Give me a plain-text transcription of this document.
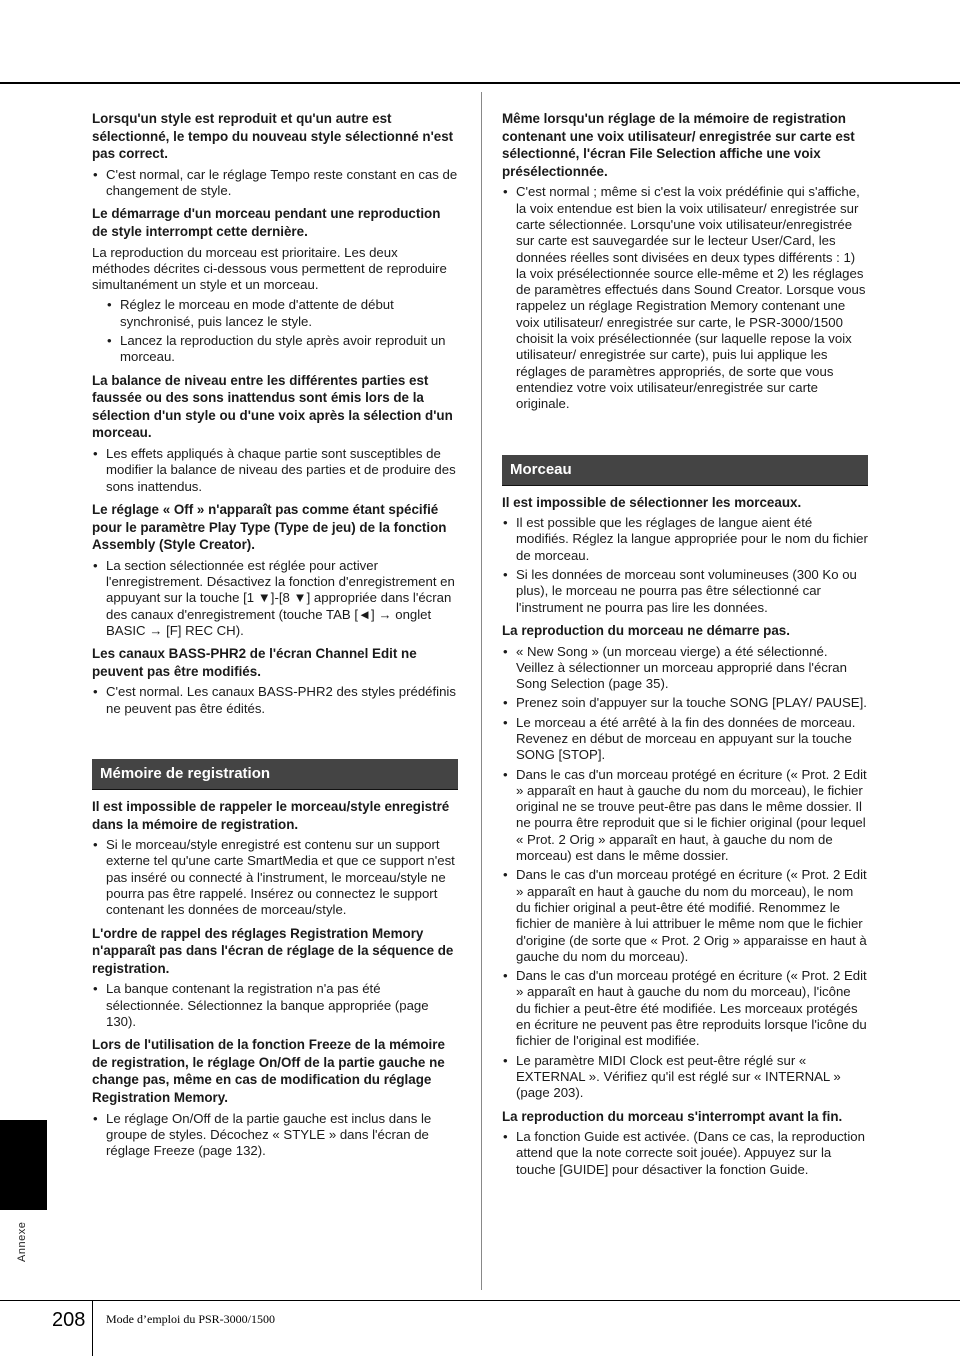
Lorsqu'un style est reproduit et qu'un autre est sélectionné, le tempo du nouveau style sélectionné n'est pas correct.

• C'est normal, car le réglage Tempo reste constant en cas de changement de style.

Le démarrage d'un morceau pendant une reproduction de style interrompt cette dernière.

La reproduction du morceau est prioritaire. Les deux méthodes décrites ci-dessous vous permettent de reproduire simultanément un style et un morceau.

• Réglez le morceau en mode d'attente de début synchronisé, puis lancez le style.
• Lancez la reproduction du style après avoir reproduit un morceau.

La balance de niveau entre les différentes parties est faussée ou des sons inattendus sont émis lors de la sélection d'un style ou d'une voix après la sélection d'un morceau.

• Les effets appliqués à chaque partie sont susceptibles de modifier la balance de niveau des parties et de produire des sons inattendus.

Le réglage « Off » n'apparaît pas comme étant spécifié pour le paramètre Play Type (Type de jeu) de la fonction Assembly (Style Creator).

• La section sélectionnée est réglée pour activer l'enregistrement. Désactivez la fonction d'enregistrement en appuyant sur la touche [1 ▼]-[8 ▼] appropriée dans l'écran des canaux d'enregistrement (touche TAB [◄] → onglet BASIC → [F] REC CH).

Les canaux BASS-PHR2 de l'écran Channel Edit ne peuvent pas être modifiés.

• C'est normal. Les canaux BASS-PHR2 des styles prédéfinis ne peuvent pas être édités.
Mémoire de registration

Il est impossible de rappeler le morceau/style enregistré dans la mémoire de registration.

• Si le morceau/style enregistré est contenu sur un support externe tel qu'une carte SmartMedia et que ce support n'est pas inséré ou connecté à l'instrument, le morceau/style ne pourra pas être rappelé. Insérez ou connectez le support contenant les données de morceau/style.

L'ordre de rappel des réglages Registration Memory n'apparaît pas dans l'écran de réglage de la séquence de registration.

• La banque contenant la registration n'a pas été sélectionnée. Sélectionnez la banque appropriée (page 130).

Lors de l'utilisation de la fonction Freeze de la mémoire de registration, le réglage On/Off de la partie gauche ne change pas, même en cas de modification du réglage Registration Memory.

• Le réglage On/Off de la partie gauche est inclus dans le groupe de styles. Décochez « STYLE » dans l'écran de réglage Freeze (page 132).

Même lorsqu'un réglage de la mémoire de registration contenant une voix utilisateur/ enregistrée sur carte est sélectionné, l'écran File Selection affiche une voix présélectionnée.

• C'est normal ; même si c'est la voix prédéfinie qui s'affiche, la voix entendue est bien la voix utilisateur/ enregistrée sur carte sélectionnée. Lorsqu'une voix utilisateur/enregistrée sur carte est sauvegardée sur le lecteur User/Card, les données réelles sont divisées en deux types différents : 1) la voix présélectionnée source elle-même et 2) les réglages de paramètres effectués dans Sound Creator. Lorsque vous rappelez un réglage Registration Memory contenant une voix utilisateur/ enregistrée sur carte, le PSR-3000/1500 choisit la voix présélectionnée (sur laquelle repose la voix utilisateur/ enregistrée sur carte), puis lui applique les réglages de paramètres appropriés, de sorte que vous entendiez votre voix utilisateur/enregistrée sur carte originale.
Morceau

Il est impossible de sélectionner les morceaux.

• Il est possible que les réglages de langue aient été modifiés. Réglez la langue appropriée pour le nom du fichier de morceau.
• Si les données de morceau sont volumineuses (300 Ko ou plus), le morceau ne pourra pas être sélectionné car l'instrument ne pourra pas lire les données.

La reproduction du morceau ne démarre pas.

• « New Song » (un morceau vierge) a été sélectionné. Veillez à sélectionner un morceau approprié dans l'écran Song Selection (page 35).
• Prenez soin d'appuyer sur la touche SONG [PLAY/ PAUSE].
• Le morceau a été arrêté à la fin des données de morceau. Revenez en début de morceau en appuyant sur la touche SONG [STOP].
• Dans le cas d'un morceau protégé en écriture (« Prot. 2 Edit » apparaît en haut à gauche du nom du morceau), le fichier original ne se trouve peut-être pas dans le même dossier. Il ne pourra être reproduit que si le fichier original (pour lequel « Prot. 2 Orig » apparaît en haut, à gauche du nom de morceau) est dans le même dossier.
• Dans le cas d'un morceau protégé en écriture (« Prot. 2 Edit » apparaît en haut à gauche du nom du morceau), le nom du fichier original a peut-être été modifié. Renommez le fichier de manière à lui attribuer le même nom que le fichier d'origine (de sorte que « Prot. 2 Orig » apparaisse en haut à gauche du nom du morceau).
• Dans le cas d'un morceau protégé en écriture (« Prot. 2 Edit » apparaît en haut à gauche du nom du morceau), l'icône du fichier a peut-être été modifiée. Les morceaux protégés en écriture ne peuvent pas être reproduits lorsque l'icône du fichier de l'original est modifiée.
• Le paramètre MIDI Clock est peut-être réglé sur « EXTERNAL ». Vérifiez qu'il est réglé sur « INTERNAL » (page 203).

La reproduction du morceau s'interrompt avant la fin.

• La fonction Guide est activée. (Dans ce cas, la reproduction attend que la note correcte soit jouée). Appuyez sur la touche [GUIDE] pour désactiver la fonction Guide.
Annexe
208 Mode d’emploi du PSR-3000/1500
